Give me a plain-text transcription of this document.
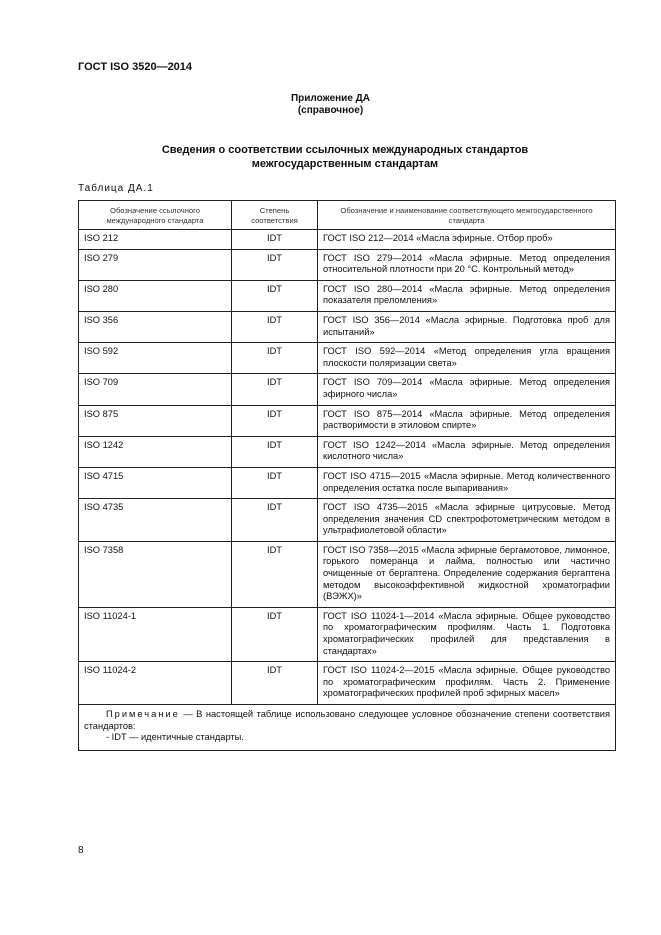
ГОСТ ISO 3520—2014
Приложение ДА
(справочное)
Сведения о соответствии ссылочных международных стандартов
межгосударственным стандартам
Таблица ДА.1
Обозначение ссылочного международного стандарта	Степень соответствия	Обозначение и наименование соответствующего межгосударственного стандарта
ISO 212	IDT	ГОСТ ISO 212—2014 «Масла эфирные. Отбор проб»
ISO 279	IDT	ГОСТ ISO 279—2014 «Масла эфирные. Метод определения относительной плотности при 20 °С. Контрольный метод»
ISO 280	IDT	ГОСТ ISO 280—2014 «Масла эфирные. Метод определения показателя преломления»
ISO 356	IDT	ГОСТ ISO 356—2014 «Масла эфирные. Подготовка проб для испытаний»
ISO 592	IDT	ГОСТ ISO 592—2014 «Метод определения угла вращения плоскости поляризации света»
ISO 709	IDT	ГОСТ ISO 709—2014 «Масла эфирные. Метод определения эфирного числа»
ISO 875	IDT	ГОСТ ISO 875—2014 «Масла эфирные. Метод определения растворимости в этиловом спирте»
ISO 1242	IDT	ГОСТ ISO 1242—2014 «Масла эфирные. Метод определения кислотного числа»
ISO 4715	IDT	ГОСТ ISO 4715—2015 «Масла эфирные. Метод количественного определения остатка после выпаривания»
ISO 4735	IDT	ГОСТ ISO 4735—2015 «Масла эфирные цитрусовые. Метод определения значения CD спектрофотометрическим методом в ультрафиолетовой области»
ISO 7358	IDT	ГОСТ ISO 7358—2015 «Масла эфирные бергамотовое, лимонное, горького померанца и лайма, полностью или частично очищенные от бергаптена. Определение содержания бергаптена методом высокоэффективной жидкостной хроматографии (ВЭЖХ)»
ISO 11024-1	IDT	ГОСТ ISO 11024-1—2014 «Масла эфирные. Общее руководство по хроматографическим профилям. Часть 1. Подготовка хроматографических профилей для представления в стандартах»
ISO 11024-2	IDT	ГОСТ ISO 11024-2—2015 «Масла эфирные. Общее руководство по хроматографическим профилям. Часть 2. Применение хроматографических профилей проб эфирных масел»

Примечание — В настоящей таблице использовано следующее условное обозначение степени соответствия стандартов:
- IDT — идентичные стандарты.		
8
